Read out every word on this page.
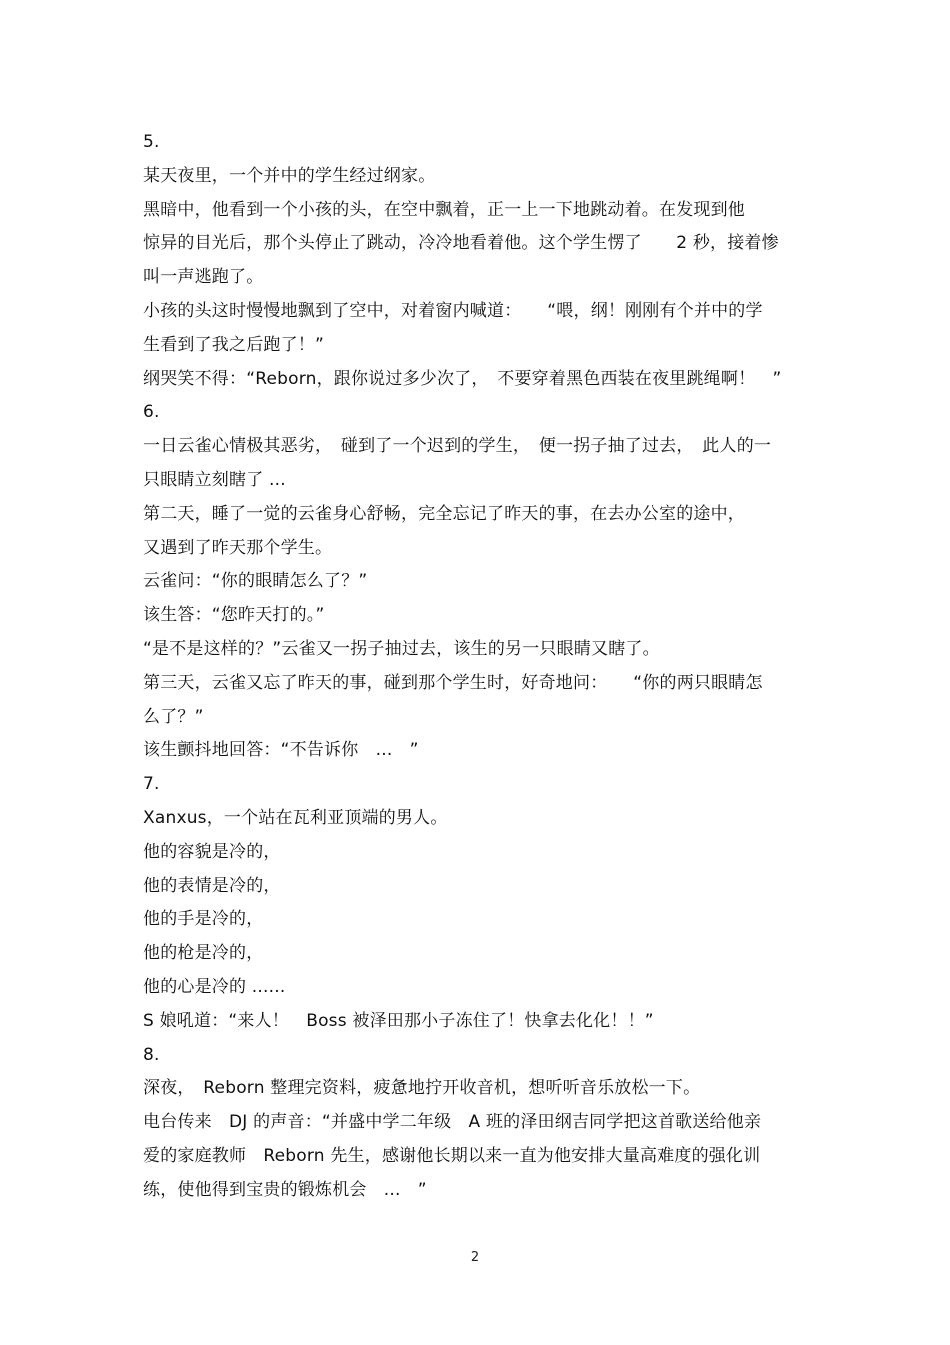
5.
某天夜里，一个并中的学生经过纲家。
黑暗中，他看到一个小孩的头，在空中飘着，正一上一下地跳动着。在发现到他
惊异的目光后，那个头停止了跳动，冷冷地看着他。这个学生愣了　　2 秒，接着惨
叫一声逃跑了。
小孩的头这时慢慢地飘到了空中，对着窗内喊道：　　“喂，纲！刚刚有个并中的学
生看到了我之后跑了！”
纲哭笑不得：“Reborn，跟你说过多少次了，　不要穿着黑色西装在夜里跳绳啊！　”
6.
一日云雀心情极其恶劣，　碰到了一个迟到的学生，　便一拐子抽了过去，　此人的一
只眼睛立刻瞎了 ...
第二天，睡了一觉的云雀身心舒畅，完全忘记了昨天的事，在去办公室的途中，
又遇到了昨天那个学生。
云雀问：“你的眼睛怎么了？”
该生答：“您昨天打的。”
“是不是这样的？”云雀又一拐子抽过去，该生的另一只眼睛又瞎了。
第三天，云雀又忘了昨天的事，碰到那个学生时，好奇地问：　　“你的两只眼睛怎
么了？”
该生颤抖地回答：“不告诉你　...　”
7.
Xanxus，一个站在瓦利亚顶端的男人。
他的容貌是冷的，
他的表情是冷的，
他的手是冷的，
他的枪是冷的，
他的心是冷的 ......
S 娘吼道：“来人！　Boss 被泽田那小子冻住了！快拿去化化！！”
8.
深夜，　Reborn 整理完资料，疲惫地拧开收音机，想听听音乐放松一下。
电台传来　DJ 的声音：“并盛中学二年级　A 班的泽田纲吉同学把这首歌送给他亲
爱的家庭教师　Reborn 先生，感谢他长期以来一直为他安排大量高难度的强化训
练，使他得到宝贵的锻炼机会　...　”
2
